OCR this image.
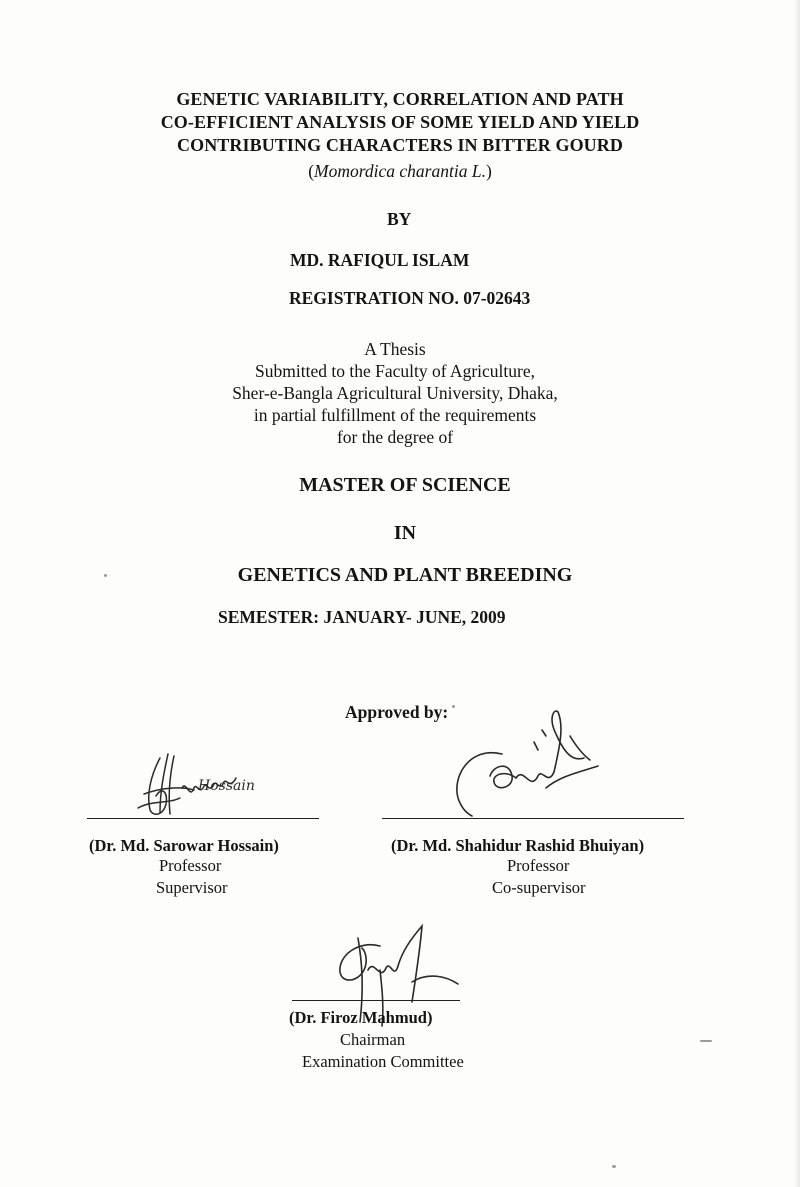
GENETIC VARIABILITY, CORRELATION AND PATH
CO-EFFICIENT ANALYSIS OF SOME YIELD AND YIELD
CONTRIBUTING CHARACTERS IN BITTER GOURD
(Momordica charantia L.)
BY
MD. RAFIQUL ISLAM
REGISTRATION NO. 07-02643
A Thesis
Submitted to the Faculty of Agriculture,
Sher-e-Bangla Agricultural University, Dhaka,
in partial fulfillment of the requirements
for the degree of
MASTER OF SCIENCE
IN
GENETICS AND PLANT BREEDING
SEMESTER: JANUARY- JUNE, 2009
Approved by:
Hossain
(Dr. Md. Sarowar Hossain)
Professor
Supervisor
(Dr. Md. Shahidur Rashid Bhuiyan)
Professor
Co-supervisor
(Dr. Firoz Mahmud)
Chairman
Examination Committee
